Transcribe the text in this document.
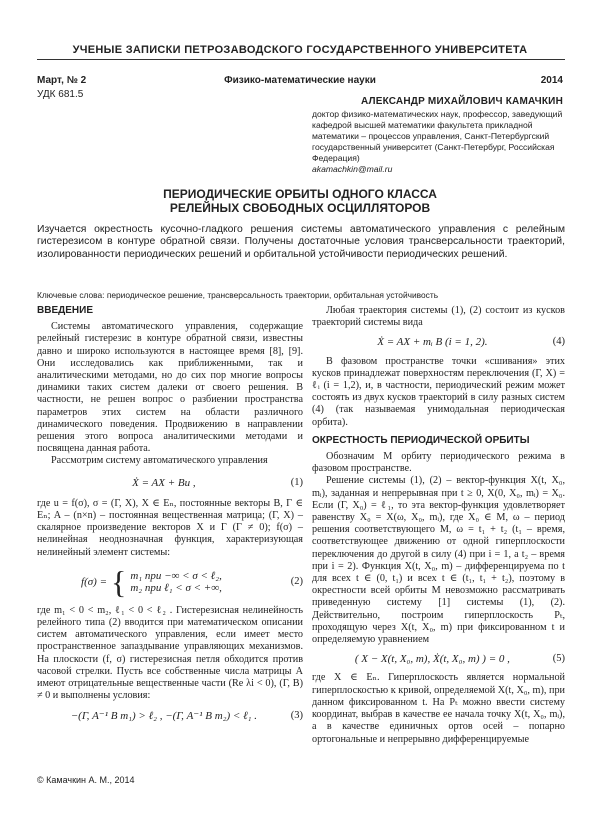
УЧЕНЫЕ ЗАПИСКИ ПЕТРОЗАВОДСКОГО ГОСУДАРСТВЕННОГО УНИВЕРСИТЕТА
Март, № 2	Физико-математические науки	2014
УДК 681.5
АЛЕКСАНДР МИХАЙЛОВИЧ КАМАЧКИН
доктор физико-математических наук, профессор, заведующий кафедрой высшей математики факультета прикладной математики – процессов управления, Санкт-Петербургский государственный университет (Санкт-Петербург, Российская Федерация)
akamachkin@mail.ru
ПЕРИОДИЧЕСКИЕ ОРБИТЫ ОДНОГО КЛАССА
РЕЛЕЙНЫХ СВОБОДНЫХ ОСЦИЛЛЯТОРОВ
Изучается окрестность кусочно-гладкого решения системы автоматического управления с релейным гистерезисом в контуре обратной связи. Получены достаточные условия трансверсальности траекторий, изолированности периодических решений и орбитальной устойчивости периодических решений.
Ключевые слова: периодическое решение, трансверсальность траектории, орбитальная устойчивость
ВВЕДЕНИЕ

Системы автоматического управления, содержащие релейный гистерезис в контуре обратной связи, известны давно и широко используются в настоящее время [8], [9]. Они исследовались как приближенными, так и аналитическими методами, но до сих пор многие вопросы динамики таких систем далеки от своего решения. В частности, не решен вопрос о разбиении пространства параметров этих систем на области различного динамического поведения. Продвижению в направлении решения этого вопроса аналитическими методами и посвящена данная работа.

Рассмотрим систему автоматического управления

Ẋ = AX + Bu ,	(1)

где u = f(σ), σ = (Γ, X), X ∈ Eₙ, постоянные векторы B, Γ ∈ Eₙ; A – (n×n) – постоянная вещественная матрица; (Γ, X) – скалярное произведение векторов X и Γ (Γ ≠ 0); f(σ) – нелинейная неоднозначная функция, характеризующая нелинейный элемент системы:

f(σ) = { m₁ при −∞ < σ < ℓ₂,
m₂ при ℓ₁ < σ < +∞,
(2)

где m₁ < 0 < m₂, ℓ₁ < 0 < ℓ₂ . Гистерезисная нелинейность релейного типа (2) вводится при математическом описании систем автоматического управления, если имеет место пространственное запаздывание управляющих механизмов. На плоскости (f, σ) гистерезисная петля обходится против часовой стрелки. Пусть все собственные числа матрицы A имеют отрицательные вещественные части (Re λi < 0), (Γ, B) ≠ 0 и выполнены условия:

−(Γ, A⁻¹ B m₁) > ℓ₂ , −(Γ, A⁻¹ B m₂) < ℓ₁ .	(3)

Любая траектория системы (1), (2) состоит из кусков траекторий системы вида

Ẋ = AX + mᵢ B (i = 1, 2).	(4)

В фазовом пространстве точки «сшивания» этих кусков принадлежат поверхностям переключения (Γ, X) = ℓᵢ (i = 1,2), и, в частности, периодический режим может состоять из двух кусков траекторий в силу разных систем (4) (так называемая унимодальная периодическая орбита).

ОКРЕСТНОСТЬ ПЕРИОДИЧЕСКОЙ ОРБИТЫ

Обозначим M орбиту периодического режима в фазовом пространстве.

Решение системы (1), (2) – вектор-функция X(t, X₀, mᵢ), заданная и непрерывная при t ≥ 0, X(0, X₀, mᵢ) = X₀. Если (Γ, X₀) = ℓ₁, то эта вектор-функция удовлетворяет равенству X₀ = X(ω, X₀, mᵢ), где X₀ ∈ M, ω – период решения соответствующего M, ω = t₁ + t₂ (t₁ – время, соответствующее движению от одной гиперплоскости переключения до другой в силу (4) при i = 1, а t₂ – время при i = 2). Функция X(t, X₀, m) – дифференцируема по t для всех t ∈ (0, t₁) и всех t ∈ (t₁, t₁ + t₂), поэтому в окрестности всей орбиты M невозможно рассматривать приведенную систему [1] системы (1), (2). Действительно, построим гиперплоскость Pₜ, проходящую через X(t, X₀, m) при фиксированном t и определяемую уравнением

( X − X(t, X₀, m), Ẋ(t, X₀, m) ) = 0 ,	(5)

где X ∈ Eₙ. Гиперплоскость является нормальной гиперплоскостью к кривой, определяемой X(t, X₀, m), при данном фиксированном t. На Pₜ можно ввести систему координат, выбрав в качестве ее начала точку X(t, X₀, mᵢ), а в качестве единичных ортов осей – попарно ортогональные и непрерывно дифференцируемые

© Камачкин А. М., 2014
